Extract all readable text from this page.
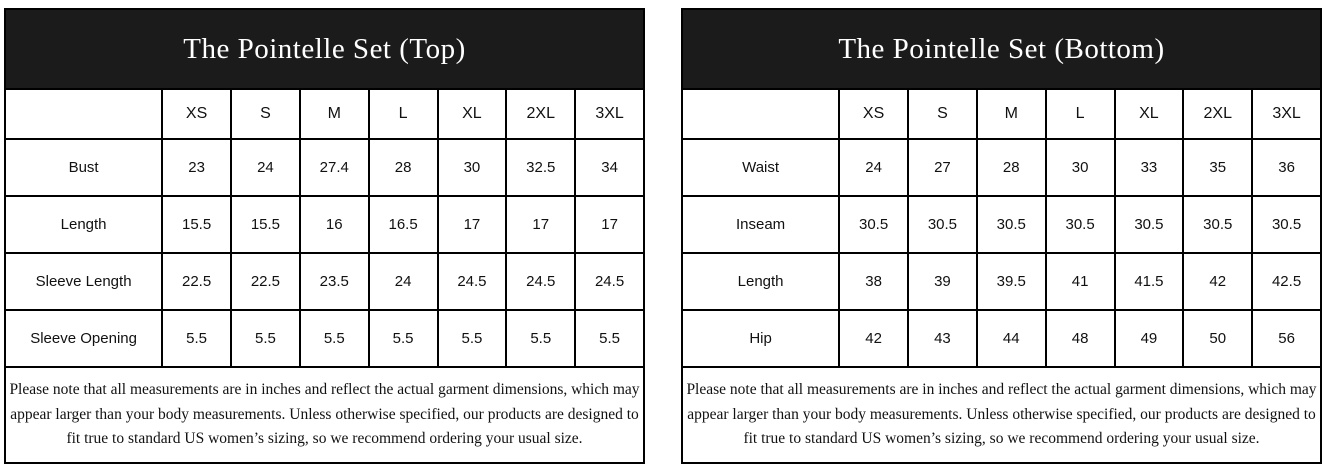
The Pointelle Set (Top)							
	XS	S	M	L	XL	2XL	3XL
Bust	23	24	27.4	28	30	32.5	34
Length	15.5	15.5	16	16.5	17	17	17
Sleeve Length	22.5	22.5	23.5	24	24.5	24.5	24.5
Sleeve Opening	5.5	5.5	5.5	5.5	5.5	5.5	5.5
Please note that all measurements are in inches and reflect the actual garment dimensions, which may appear larger than your body measurements. Unless otherwise specified, our products are designed to fit true to standard US women’s sizing, so we recommend ordering your usual size.							
The Pointelle Set (Bottom)							
	XS	S	M	L	XL	2XL	3XL
Waist	24	27	28	30	33	35	36
Inseam	30.5	30.5	30.5	30.5	30.5	30.5	30.5
Length	38	39	39.5	41	41.5	42	42.5
Hip	42	43	44	48	49	50	56
Please note that all measurements are in inches and reflect the actual garment dimensions, which may appear larger than your body measurements. Unless otherwise specified, our products are designed to fit true to standard US women’s sizing, so we recommend ordering your usual size.							
